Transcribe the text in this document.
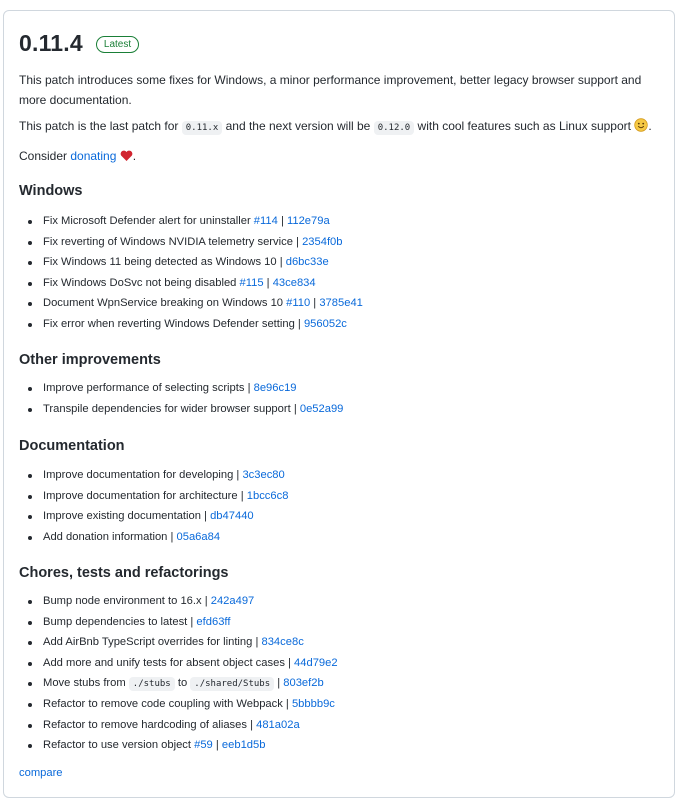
0.11.4	Latest

This patch introduces some fixes for Windows, a minor performance improvement, better legacy browser support and more documentation.

This patch is the last patch for 0.11.x and the next version will be 0.12.0 with cool features such as Linux support .

Consider donating .

Windows
Fix Microsoft Defender alert for uninstaller #114 | 112e79a
Fix reverting of Windows NVIDIA telemetry service | 2354f0b
Fix Windows 11 being detected as Windows 10 | d6bc33e
Fix Windows DoSvc not being disabled #115 | 43ce834
Document WpnService breaking on Windows 10 #110 | 3785e41
Fix error when reverting Windows Defender setting | 956052c
Other improvements
Improve performance of selecting scripts | 8e96c19
Transpile dependencies for wider browser support | 0e52a99
Documentation
Improve documentation for developing | 3c3ec80
Improve documentation for architecture | 1bcc6c8
Improve existing documentation | db47440
Add donation information | 05a6a84
Chores, tests and refactorings
Bump node environment to 16.x | 242a497
Bump dependencies to latest | efd63ff
Add AirBnb TypeScript overrides for linting | 834ce8c
Add more and unify tests for absent object cases | 44d79e2
Move stubs from ./stubs to ./shared/Stubs | 803ef2b
Refactor to remove code coupling with Webpack | 5bbbb9c
Refactor to remove hardcoding of aliases | 481a02a
Refactor to use version object #59 | eeb1d5b
compare
